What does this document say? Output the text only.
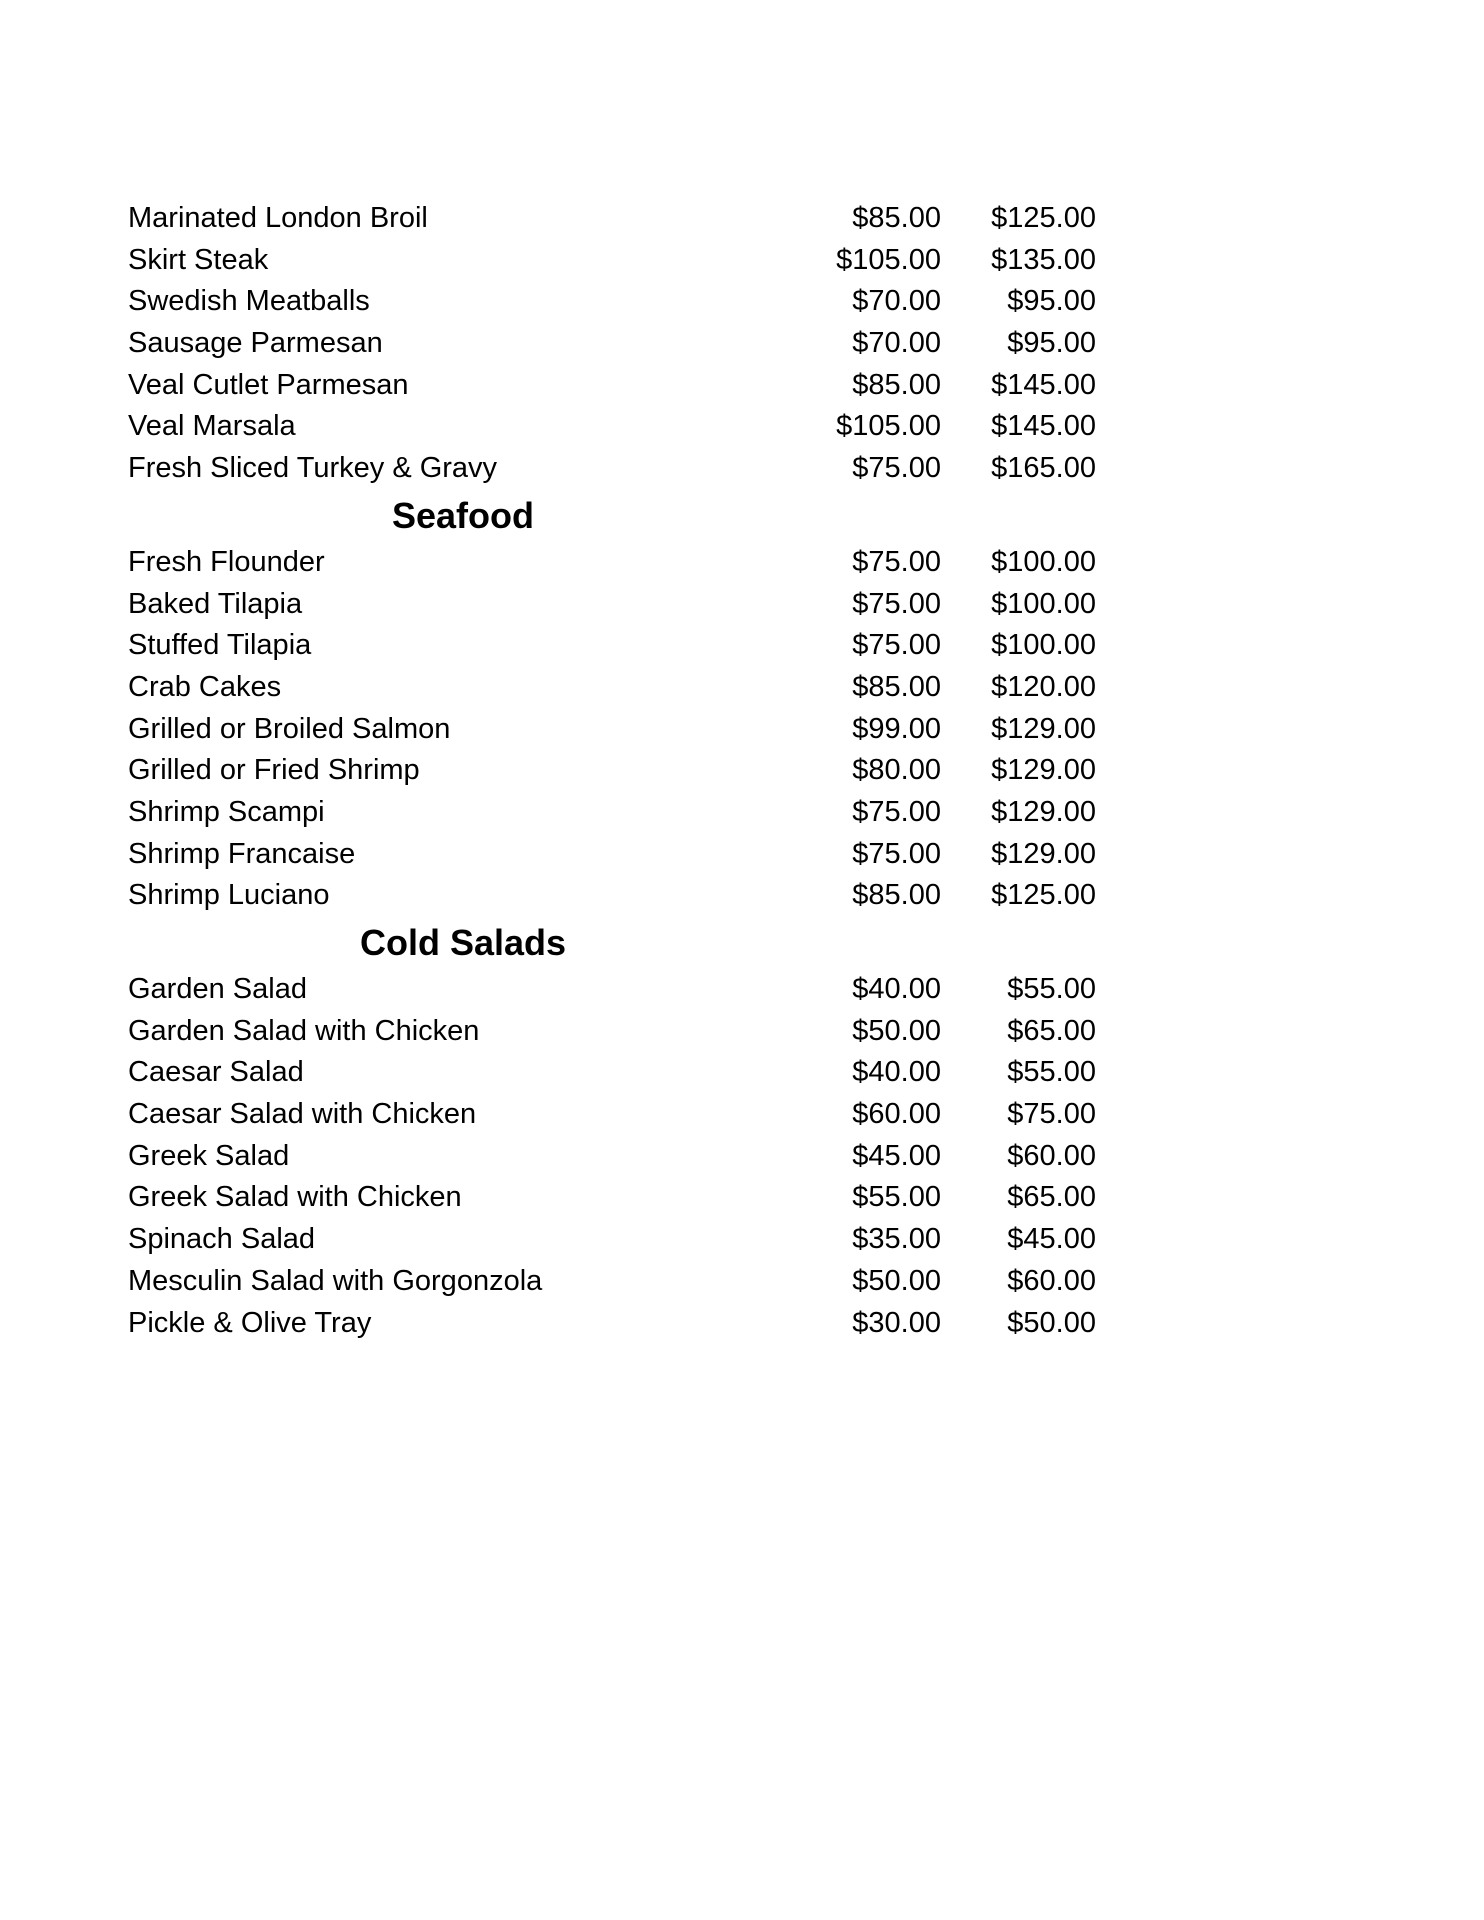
Marinated London Broil	$85.00 $125.00
Skirt Steak	$105.00 $135.00
Swedish Meatballs	$70.00 $95.00
Sausage Parmesan	$70.00 $95.00
Veal Cutlet Parmesan	$85.00 $145.00
Veal Marsala	$105.00 $145.00
Fresh Sliced Turkey & Gravy	$75.00 $165.00
Seafood
Fresh Flounder	$75.00 $100.00
Baked Tilapia	$75.00 $100.00
Stuffed Tilapia	$75.00 $100.00
Crab Cakes	$85.00 $120.00
Grilled or Broiled Salmon	$99.00 $129.00
Grilled or Fried Shrimp	$80.00 $129.00
Shrimp Scampi	$75.00 $129.00
Shrimp Francaise	$75.00 $129.00
Shrimp Luciano	$85.00 $125.00
Cold Salads
Garden Salad	$40.00 $55.00
Garden Salad with Chicken	$50.00 $65.00
Caesar Salad	$40.00 $55.00
Caesar Salad with Chicken	$60.00 $75.00
Greek Salad	$45.00 $60.00
Greek Salad with Chicken	$55.00 $65.00
Spinach Salad	$35.00 $45.00
Mesculin Salad with Gorgonzola	$50.00 $60.00
Pickle & Olive Tray	$30.00 $50.00
